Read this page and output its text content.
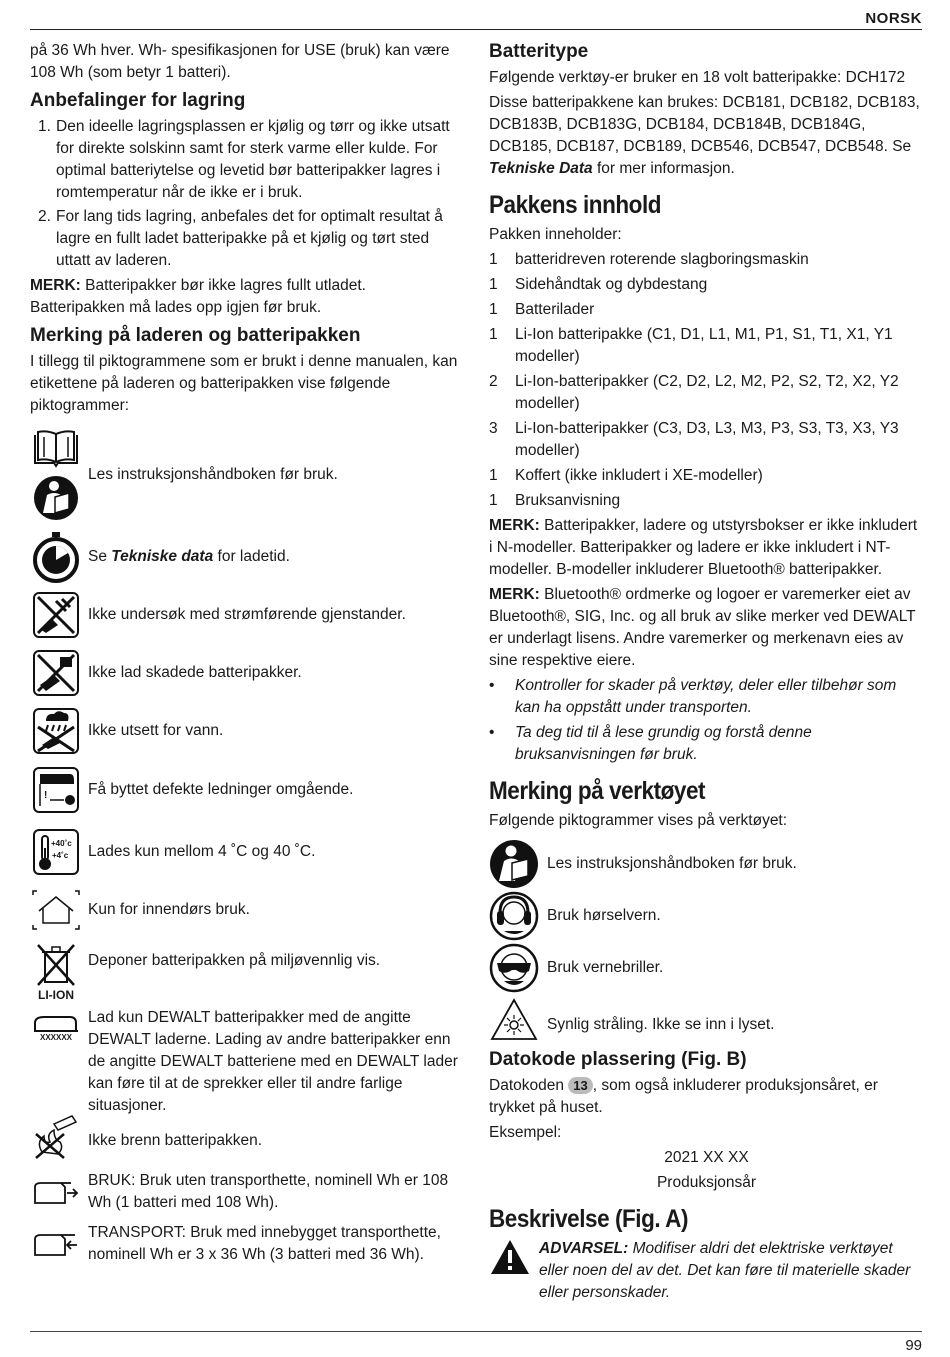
NORSK

på 36 Wh hver. Wh- spesifikasjonen for USE (bruk) kan være 108 Wh (som betyr 1 batteri).

Anbefalinger for lagring
1. Den ideelle lagringsplassen er kjølig og tørr og ikke utsatt for direkte solskinn samt for sterk varme eller kulde. For optimal batteriytelse og levetid bør batteripakker lagres i romtemperatur når de ikke er i bruk.
2. For lang tids lagring, anbefales det for optimalt resultat å lagre en fullt ladet batteripakke på et kjølig og tørt sted uttatt av laderen.

MERK: Batteripakker bør ikke lagres fullt utladet. Batteripakken må lades opp igjen før bruk.

Merking på laderen og batteripakken

I tillegg til piktogrammene som er brukt i denne manualen, kan etikettene på laderen og batteripakken vise følgende piktogrammer:

Les instruksjonshåndboken før bruk.
Se Tekniske data for ladetid.
Ikke undersøk med strømførende gjenstander.
Ikke lad skadede batteripakker.
Ikke utsett for vann.
!	Få byttet defekte ledninger omgående.
+40˚c
+4˚c	Lades kun mellom 4 ˚C og 40 ˚C.
Kun for innendørs bruk.
LI-ION
Deponer batteripakken på miljøvennlig vis.
XXXXXX
Lad kun DEWALT batteripakker med de angitte DEWALT laderne. Lading av andre batteripakker enn de angitte DEWALT batteriene med en DEWALT lader kan føre til at de sprekker eller til andre farlige situasjoner.
Ikke brenn batteripakken.
BRUK: Bruk uten transporthette, nominell Wh er 108 Wh (1 batteri med 108 Wh).
TRANSPORT: Bruk med innebygget transporthette, nominell Wh er 3 x 36 Wh (3 batteri med 36 Wh).
Batteritype

Følgende verktøy-er bruker en 18 volt batteripakke: DCH172

Disse batteripakkene kan brukes: DCB181, DCB182, DCB183, DCB183B, DCB183G, DCB184, DCB184B, DCB184G, DCB185, DCB187, DCB189, DCB546, DCB547, DCB548. Se Tekniske Data for mer informasjon.

Pakkens innhold

Pakken inneholder:

1 batteridreven roterende slagboringsmaskin
1 Sidehåndtak og dybdestang
1 Batterilader
1 Li-Ion batteripakke (C1, D1, L1, M1, P1, S1, T1, X1, Y1 modeller)
2 Li-Ion-batteripakker (C2, D2, L2, M2, P2, S2, T2, X2, Y2 modeller)
3 Li-Ion-batteripakker (C3, D3, L3, M3, P3, S3, T3, X3, Y3 modeller)
1 Koffert (ikke inkludert i XE-modeller)
1 Bruksanvisning

MERK: Batteripakker, ladere og utstyrsbokser er ikke inkludert i N-modeller. Batteripakker og ladere er ikke inkludert i NT-modeller. B-modeller inkluderer Bluetooth® batteripakker.

MERK: Bluetooth® ordmerke og logoer er varemerker eiet av Bluetooth®, SIG, Inc. og all bruk av slike merker ved DEWALT er underlagt lisens. Andre varemerker og merkenavn eies av sine respektive eiere.

• Kontroller for skader på verktøy, deler eller tilbehør som kan ha oppstått under transporten.
• Ta deg tid til å lese grundig og forstå denne bruksanvisningen før bruk.
Merking på verktøyet

Følgende piktogrammer vises på verktøyet:

Les instruksjonshåndboken før bruk.
Bruk hørselvern.
Bruk vernebriller.
Synlig stråling. Ikke se inn i lyset.
Datokode plassering (Fig. B)

Datokoden 13 , som også inkluderer produksjonsåret, er trykket på huset.

Eksempel:

2021 XX XX

Produksjonsår

Beskrivelse (Fig. A)
ADVARSEL: Modifiser aldri det elektriske verktøyet eller noen del av det. Det kan føre til materielle skader eller personskader.
99
